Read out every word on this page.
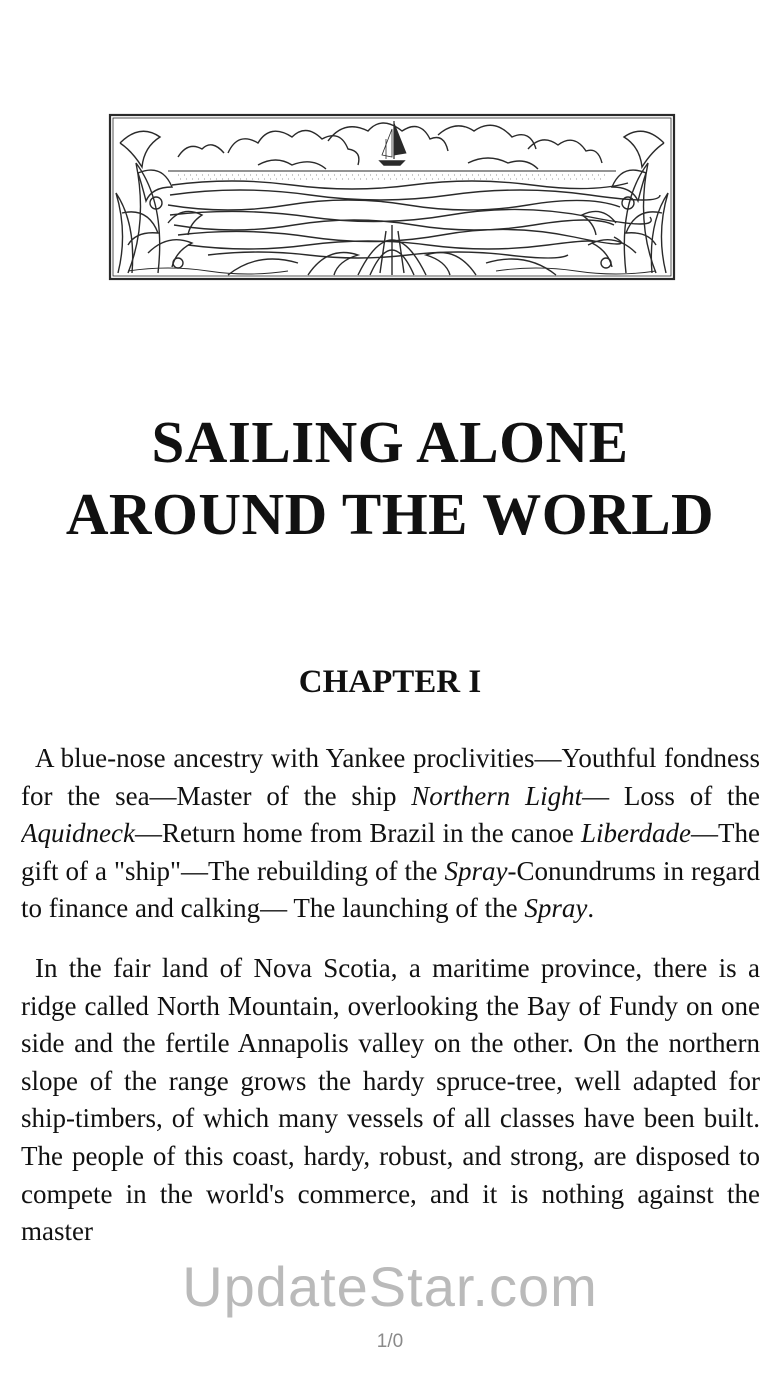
SAILING ALONE
AROUND THE WORLD
CHAPTER I

A blue-nose ancestry with Yankee proclivities—Youthful fondness for the sea—Master of the ship Northern Light— Loss of the Aquidneck—Return home from Brazil in the canoe Liberdade—The gift of a "ship"—The rebuilding of the Spray-Conundrums in regard to finance and calking— The launching of the Spray.

In the fair land of Nova Scotia, a maritime province, there is a ridge called North Mountain, overlooking the Bay of Fundy on one side and the fertile Annapolis valley on the other. On the northern slope of the range grows the hardy spruce-tree, well adapted for ship-timbers, of which many vessels of all classes have been built. The people of this coast, hardy, robust, and strong, are disposed to compete in the world's commerce, and it is nothing against the master

UpdateStar.com
1/0
